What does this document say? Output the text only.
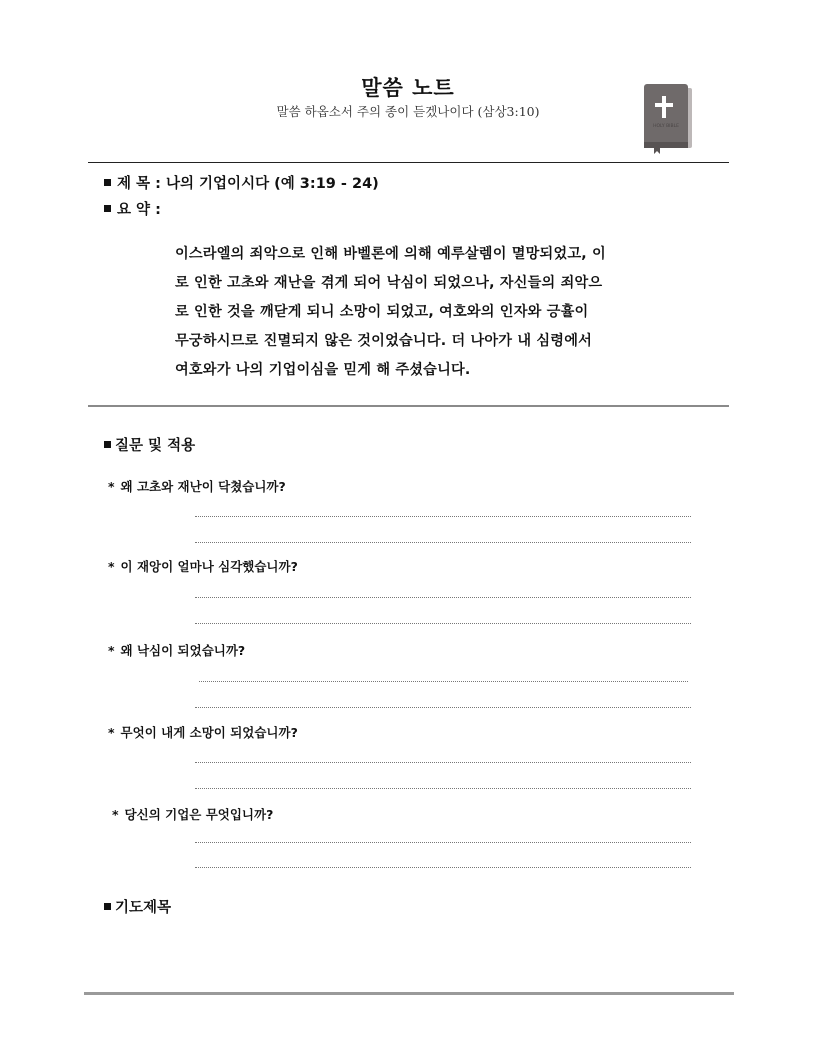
말씀 노트
말씀 하옵소서 주의 종이 듣겠나이다 (삼상3:10)
HOLY BIBLE
제 목 : 나의 기업이시다 (예 3:19 - 24)
요 약 :
이스라엘의 죄악으로 인해 바벨론에 의해 예루살렘이 멸망되었고, 이
로 인한 고초와 재난을 겪게 되어 낙심이 되었으나, 자신들의 죄악으
로 인한 것을 깨닫게 되니 소망이 되었고, 여호와의 인자와 긍휼이
무궁하시므로 진멸되지 않은 것이었습니다. 더 나아가 내 심령에서
여호와가 나의 기업이심을 믿게 해 주셨습니다.
질문 및 적용
* 왜 고초와 재난이 닥쳤습니까?
* 이 재앙이 얼마나 심각했습니까?
* 왜 낙심이 되었습니까?
* 무엇이 내게 소망이 되었습니까?
* 당신의 기업은 무엇입니까?
기도제목
